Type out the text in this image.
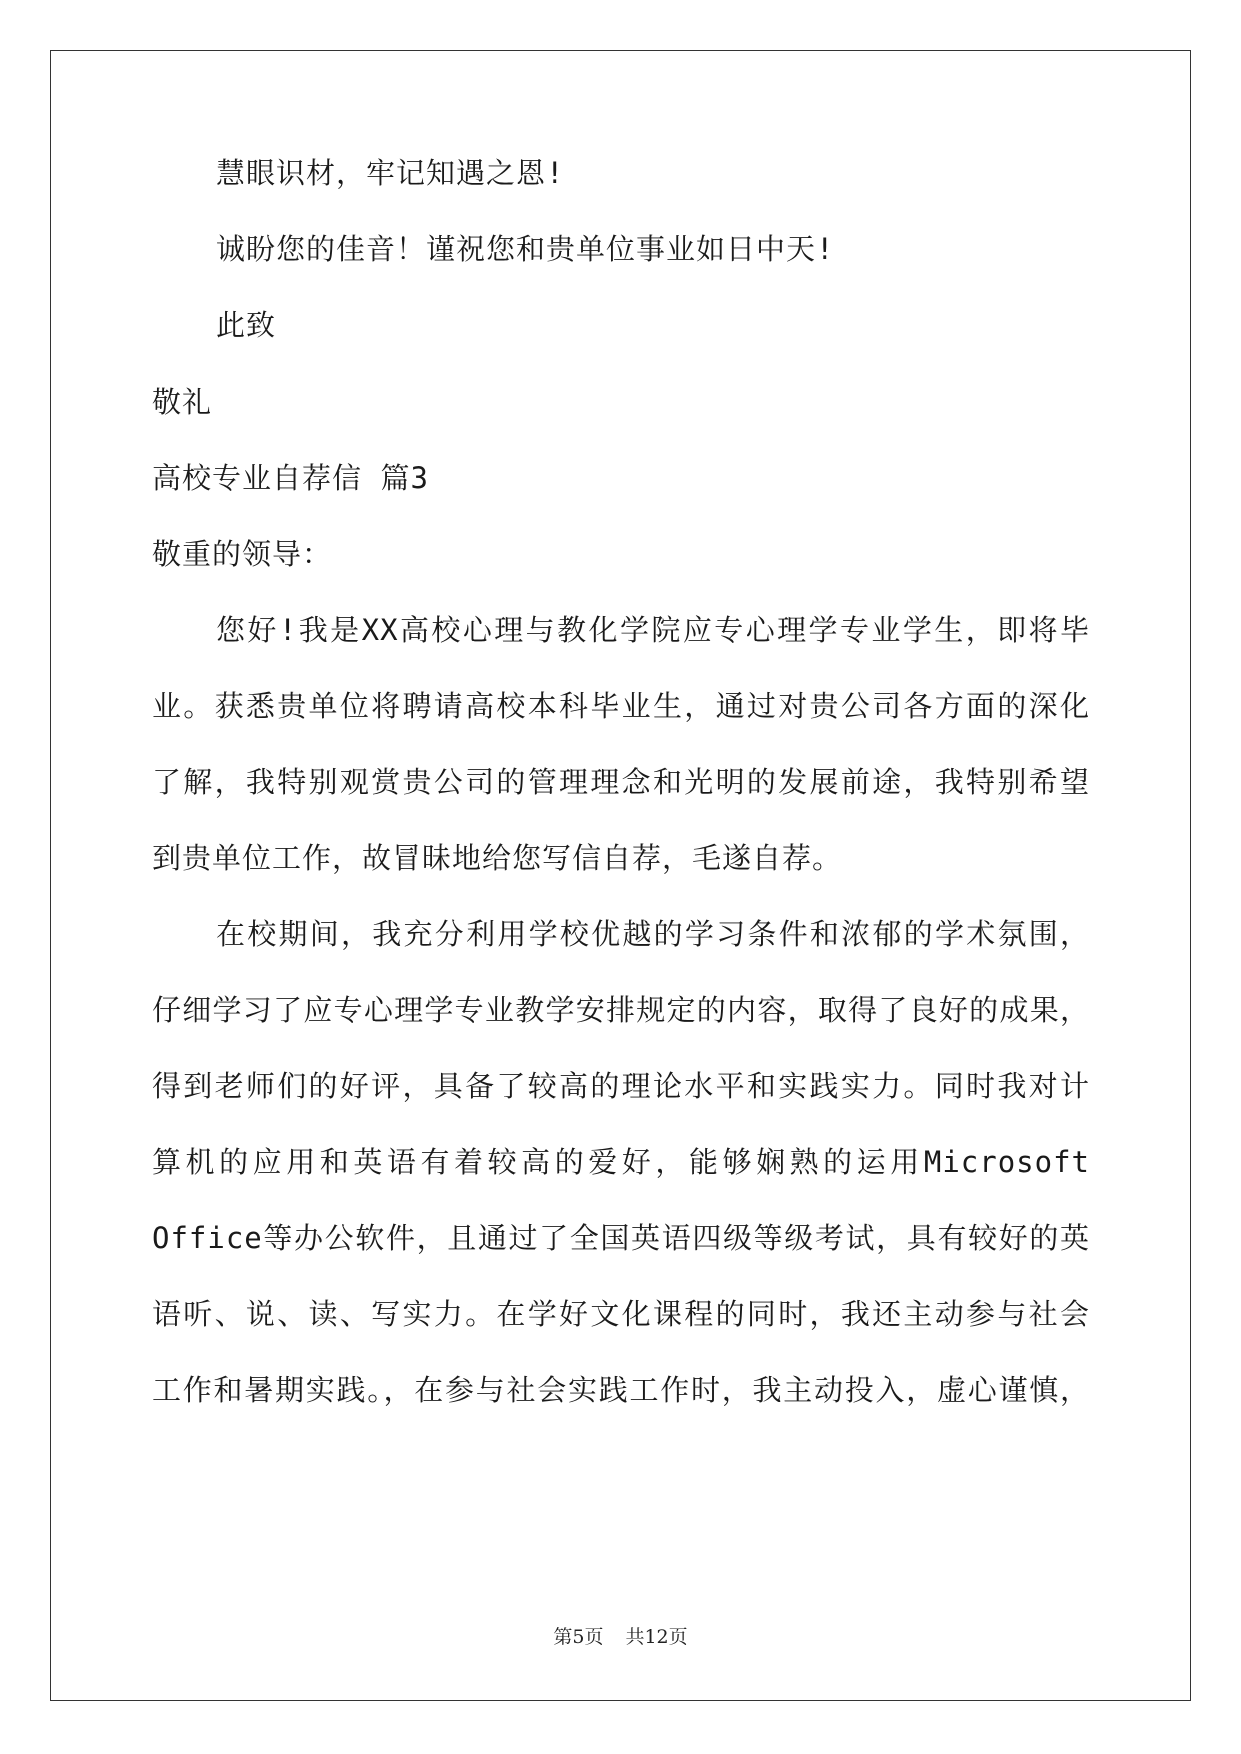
慧眼识材，牢记知遇之恩!
诚盼您的佳音！谨祝您和贵单位事业如日中天!
此致
敬礼
高校专业自荐信 篇3
敬重的领导：
您好!我是XX高校心理与教化学院应专心理学专业学生，即将毕
业。获悉贵单位将聘请高校本科毕业生，通过对贵公司各方面的深化
了解，我特别观赏贵公司的管理理念和光明的发展前途，我特别希望
到贵单位工作，故冒昧地给您写信自荐，毛遂自荐。
在校期间，我充分利用学校优越的学习条件和浓郁的学术氛围，
仔细学习了应专心理学专业教学安排规定的内容，取得了良好的成果，
得到老师们的好评，具备了较高的理论水平和实践实力。同时我对计
算机的应用和英语有着较高的爱好，能够娴熟的运用Microsoft
Office等办公软件，且通过了全国英语四级等级考试，具有较好的英
语听、说、读、写实力。在学好文化课程的同时，我还主动参与社会
工作和暑期实践。，在参与社会实践工作时，我主动投入，虚心谨慎，
第5页 共12页
